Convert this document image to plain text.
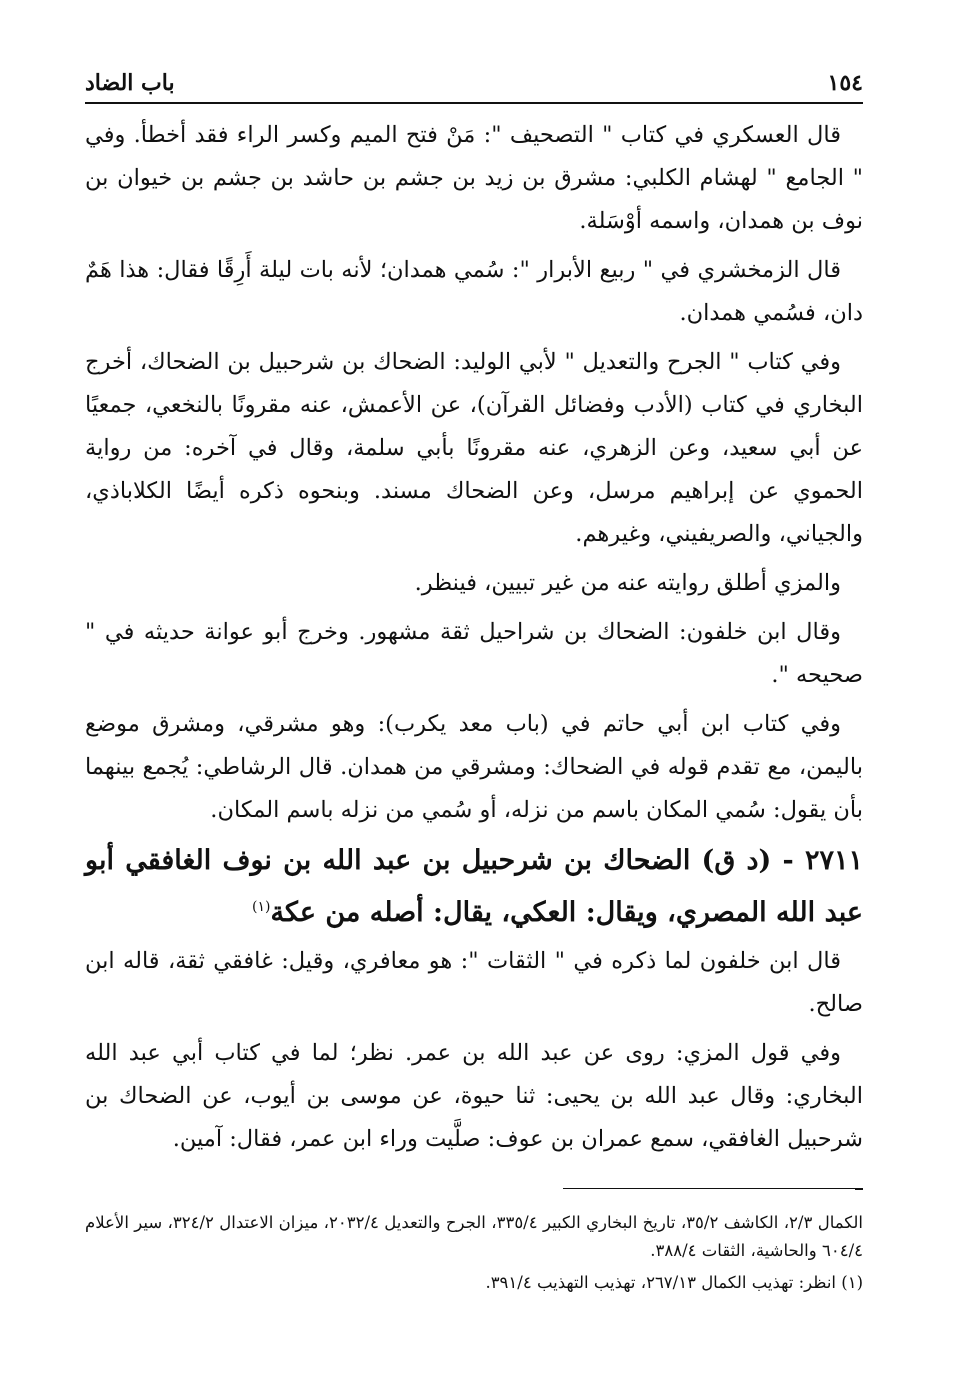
١٥٤
باب الضاد

قال العسكري في كتاب " التصحيف ": مَنْ فتح الميم وكسر الراء فقد أخطأ. وفي " الجامع " لهشام الكلبي: مشرق بن زيد بن جشم بن حاشد بن جشم بن خيوان بن نوف بن همدان، واسمه أوْسَلة.

قال الزمخشري في " ربيع الأبرار ": سُمي همدان؛ لأنه بات ليلة أَرِقًا فقال: هذا هَمٌ دان، فسُمي همدان.

وفي كتاب " الجرح والتعديل " لأبي الوليد: الضحاك بن شرحبيل بن الضحاك، أخرج البخاري في كتاب (الأدب وفضائل القرآن)، عن الأعمش، عنه مقرونًا بالنخعي، جمعيًا عن أبي سعيد، وعن الزهري، عنه مقرونًا بأبي سلمة، وقال في آخره: من رواية الحموي عن إبراهيم مرسل، وعن الضحاك مسند. وبنحوه ذكره أيضًا الكلاباذي، والجياني، والصريفيني، وغيرهم.

والمزي أطلق روايته عنه من غير تبيين، فينظر.

وقال ابن خلفون: الضحاك بن شراحيل ثقة مشهور. وخرج أبو عوانة حديثه في " صحيحه ".

وفي كتاب ابن أبي حاتم في (باب معد يكرب): وهو مشرقي، ومشرق موضع باليمن، مع تقدم قوله في الضحاك: ومشرقي من همدان. قال الرشاطي: يُجمع بينهما بأن يقول: سُمي المكان باسم من نزله، أو سُمي من نزله باسم المكان.

٢٧١١ - (د ق) الضحاك بن شرحبيل بن عبد الله بن نوف الغافقي أبو عبد الله المصري، ويقال: العكي، يقال: أصله من عكة$^{(١)}$

قال ابن خلفون لما ذكره في " الثقات ": هو معافري، وقيل: غافقي ثقة، قاله ابن صالح.

وفي قول المزي: روى عن عبد الله بن عمر. نظر؛ لما في كتاب أبي عبد الله البخاري: وقال عبد الله بن يحيى: ثنا حيوة، عن موسى بن أيوب، عن الضحاك بن شرحبيل الغافقي، سمع عمران بن عوف: صلَّيت وراء ابن عمر، فقال: آمين.

الكمال ٢/٣، الكاشف ٣٥/٢، تاريخ البخاري الكبير ٣٣٥/٤، الجرح والتعديل ٢٠٣٢/٤، ميزان الاعتدال ٣٢٤/٢، سير الأعلام ٦٠٤/٤ والحاشية، الثقات ٣٨٨/٤.

(١) انظر: تهذيب الكمال ٢٦٧/١٣، تهذيب التهذيب ٣٩١/٤.
